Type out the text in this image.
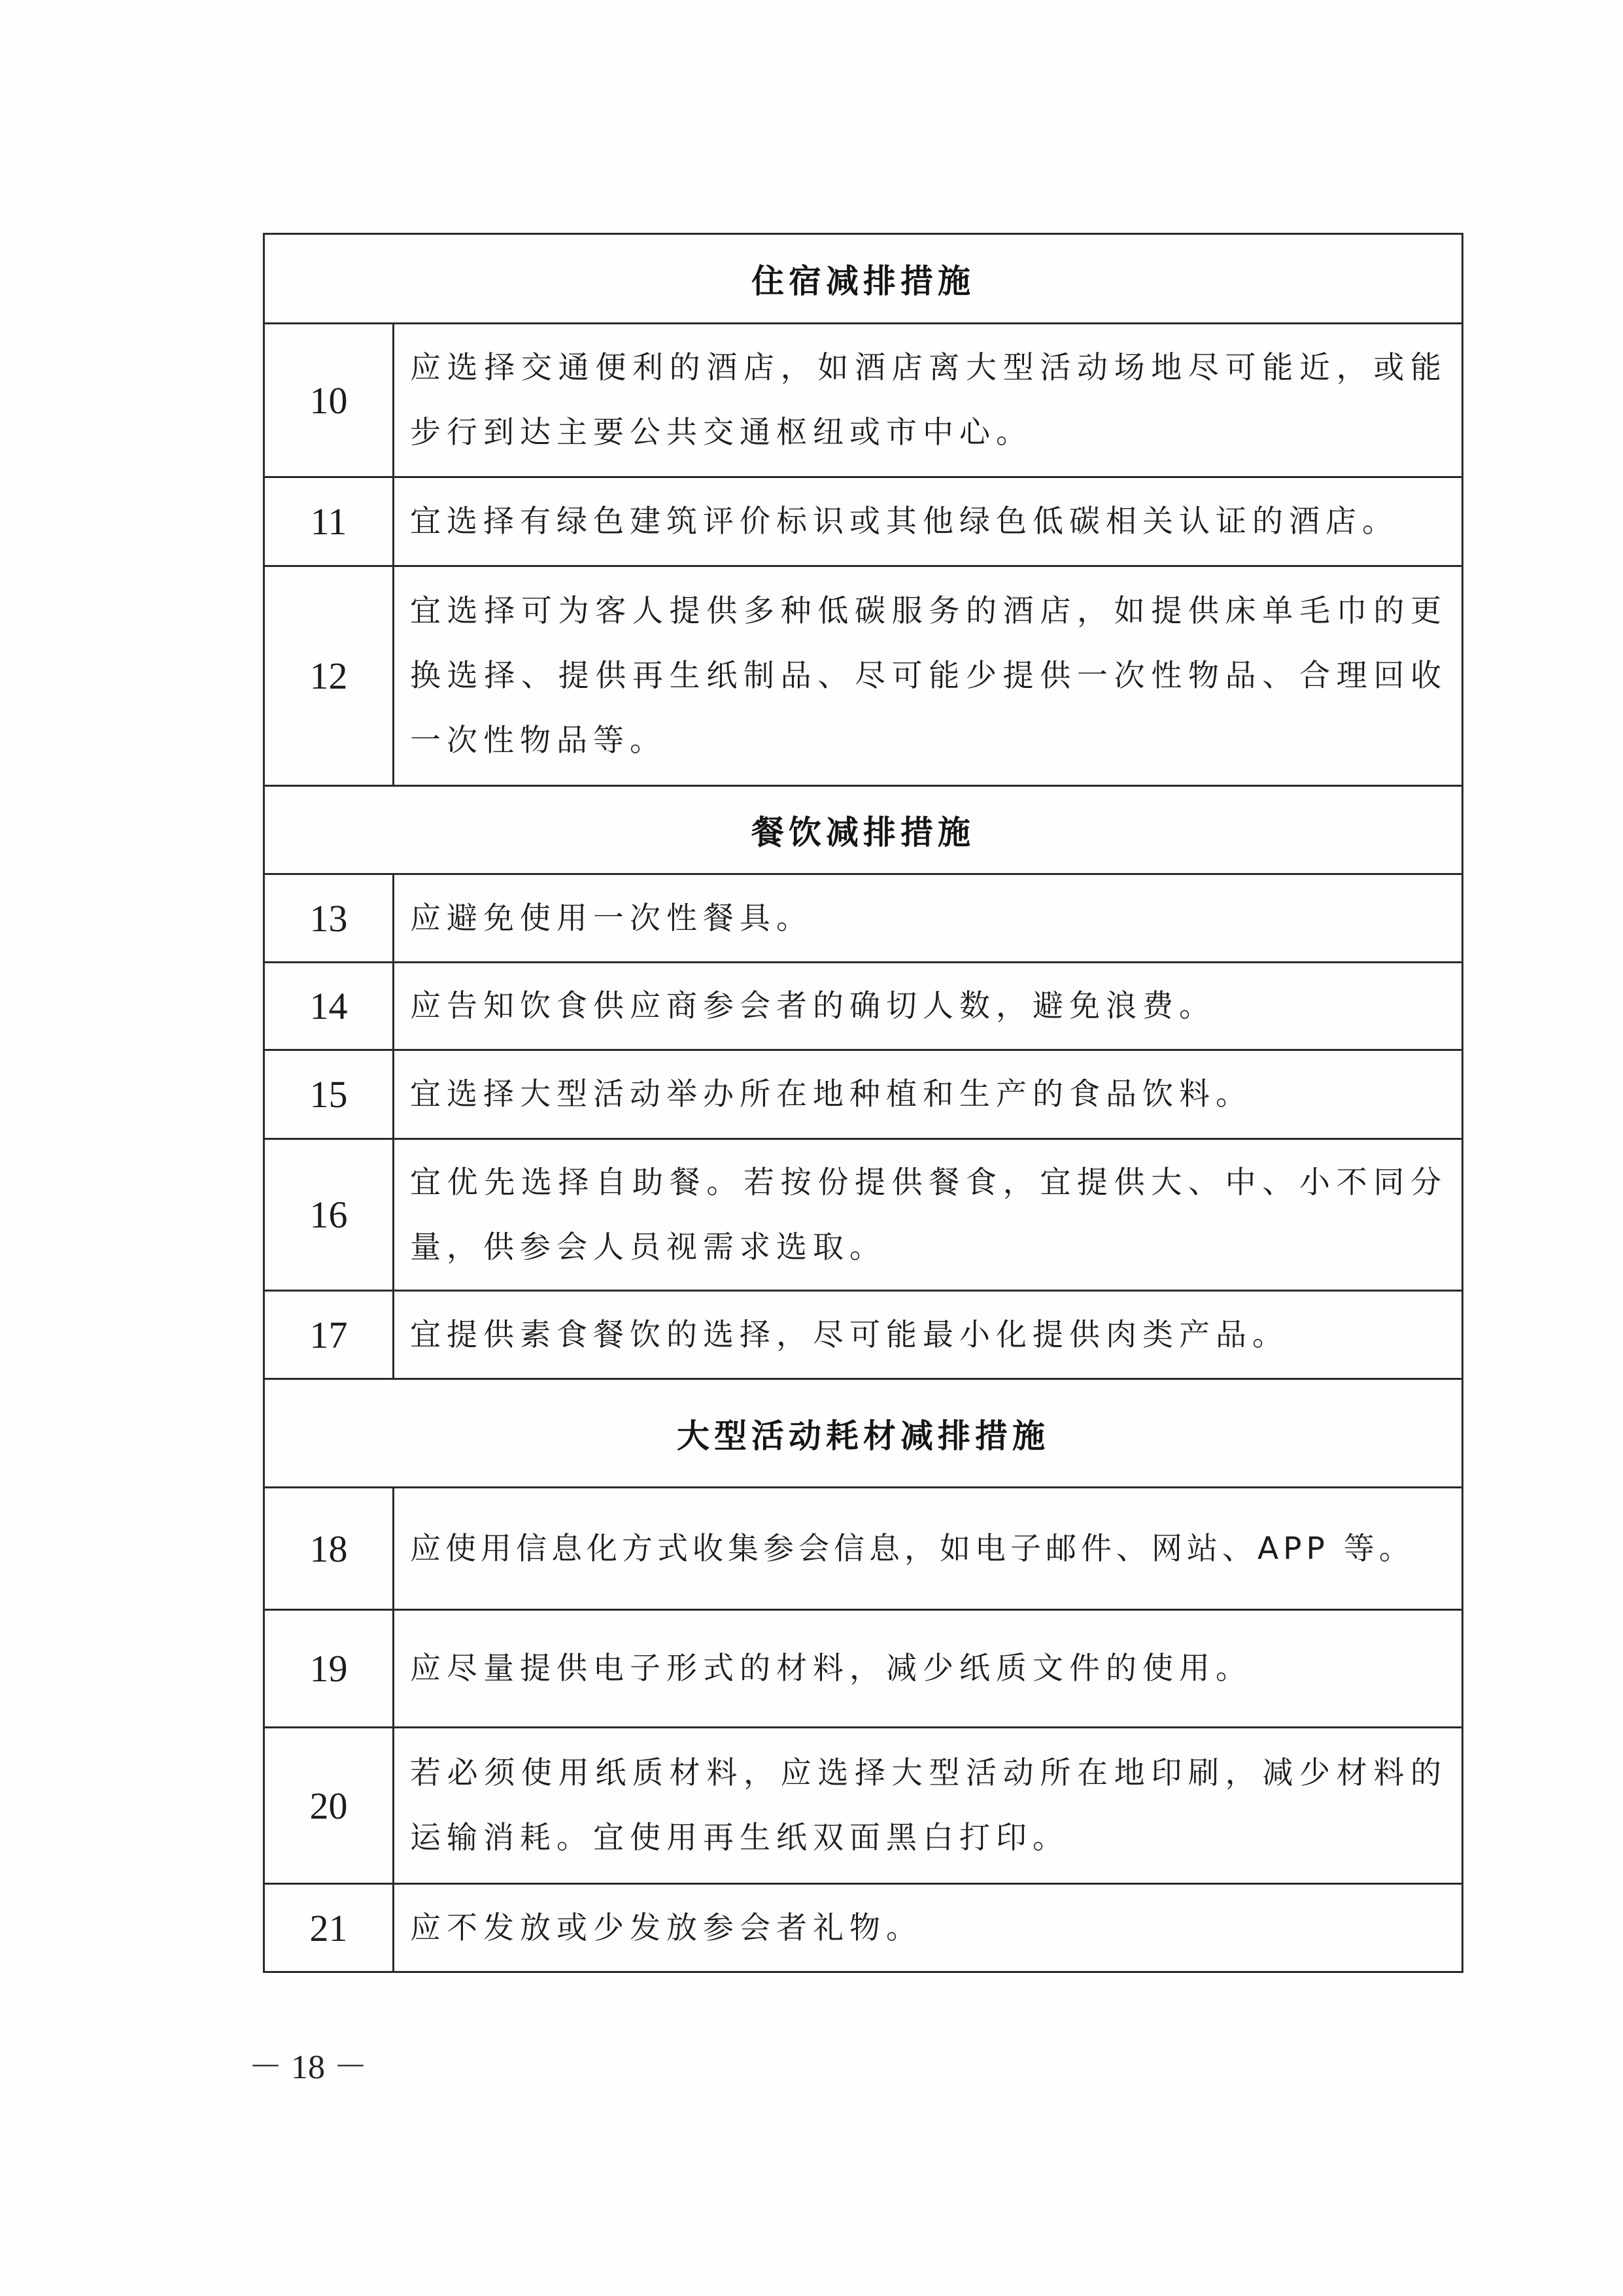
住宿减排措施	
10	应选择交通便利的酒店，如酒店离大型活动场地尽可能近，或能步行到达主要公共交通枢纽或市中心。
11	宜选择有绿色建筑评价标识或其他绿色低碳相关认证的酒店。
12	宜选择可为客人提供多种低碳服务的酒店，如提供床单毛巾的更换选择、提供再生纸制品、尽可能少提供一次性物品、合理回收一次性物品等。
餐饮减排措施	
13	应避免使用一次性餐具。
14	应告知饮食供应商参会者的确切人数，避免浪费。
15	宜选择大型活动举办所在地种植和生产的食品饮料。
16	宜优先选择自助餐。若按份提供餐食，宜提供大、中、小不同分量，供参会人员视需求选取。
17	宜提供素食餐饮的选择，尽可能最小化提供肉类产品。
大型活动耗材减排措施	
18	应使用信息化方式收集参会信息，如电子邮件、网站、APP 等。
19	应尽量提供电子形式的材料，减少纸质文件的使用。
20	若必须使用纸质材料，应选择大型活动所在地印刷，减少材料的运输消耗。宜使用再生纸双面黑白打印。
21	应不发放或少发放参会者礼物。
－ 18 －
